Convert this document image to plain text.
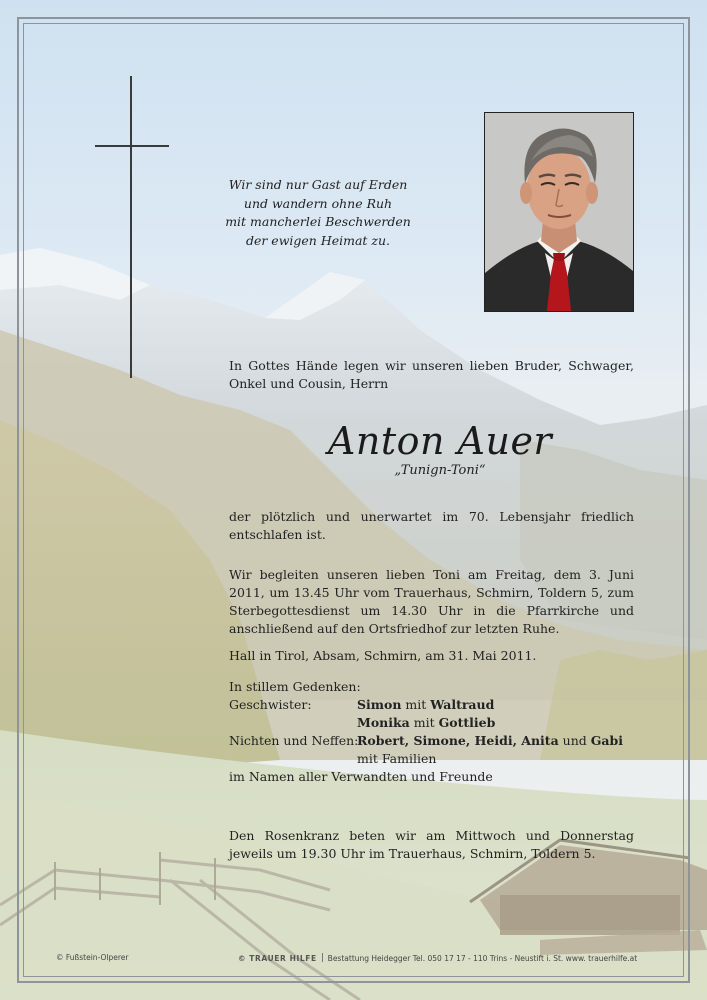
Wir sind nur Gast auf Erden
und wandern ohne Ruh
mit mancherlei Beschwerden
der ewigen Heimat zu.
In Gottes Hände legen wir unseren lieben Bruder, Schwager, Onkel und Cousin, Herrn
Anton Auer
„Tunign-Toni“
der plötzlich und unerwartet im 70. Lebensjahr friedlich entschlafen ist.
Wir begleiten unseren lieben Toni am Freitag, dem 3. Juni 2011, um 13.45 Uhr vom Trauerhaus, Schmirn, Toldern 5, zum Sterbegottesdienst um 14.30 Uhr in die Pfarrkirche und anschließend auf den Ortsfriedhof zur letzten Ruhe.
Hall in Tirol, Absam, Schmirn, am 31. Mai 2011.
In stillem Gedenken:
Geschwister:	Simon mit Waltraud
Monika mit Gottlieb
Nichten und Neffen:
Robert, Simone, Heidi, Anita und Gabi
mit Familien
im Namen aller Verwandten und Freunde
Den Rosenkranz beten wir am Mittwoch und Donnerstag jeweils um 19.30 Uhr im Trauerhaus, Schmirn, Toldern 5.
© Fußstein-Olperer	© TRAUER HILFE Bestattung Heidegger Tel. 050 17 17 - 110 Trins - Neustift i. St. www. trauerhilfe.at
